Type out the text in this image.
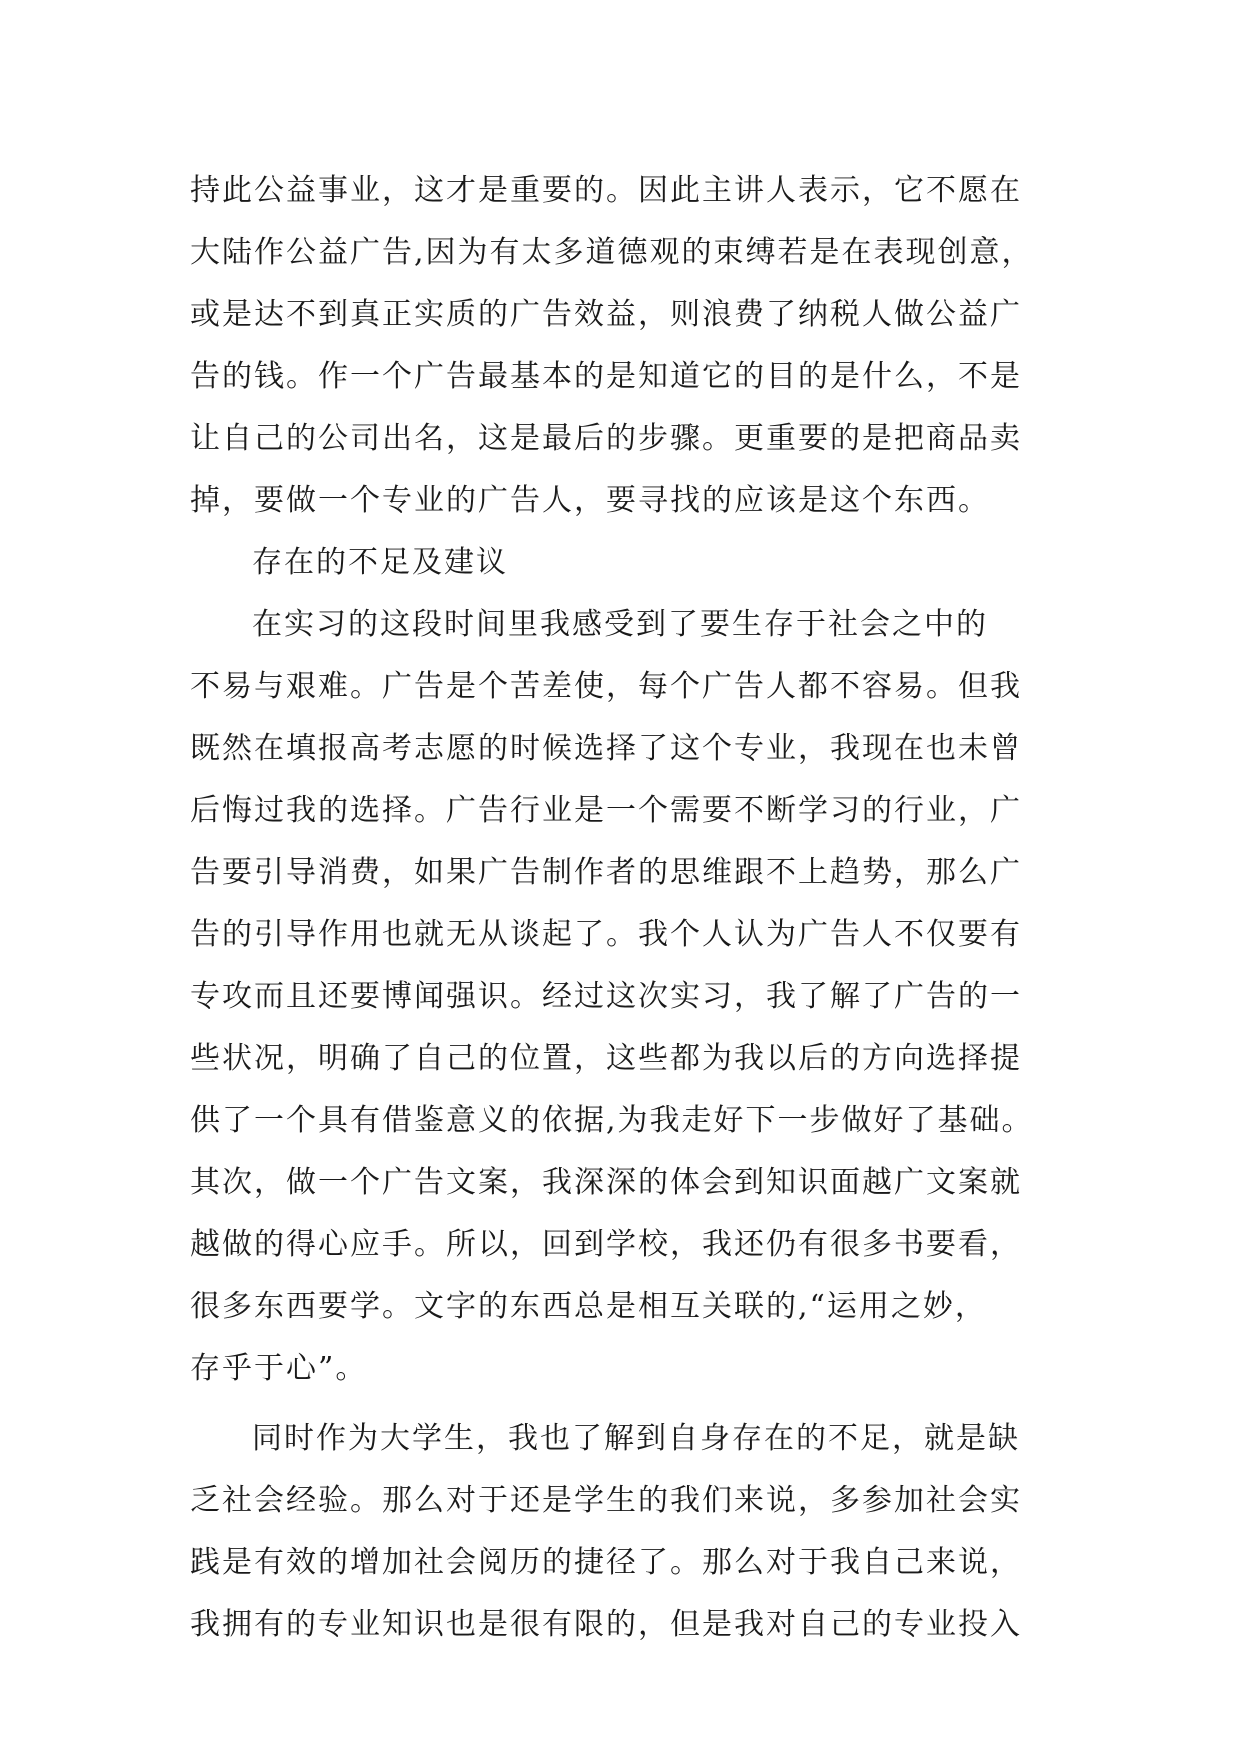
持此公益事业，这才是重要的。因此主讲人表示，它不愿在
大陆作公益广告,因为有太多道德观的束缚若是在表现创意，
或是达不到真正实质的广告效益，则浪费了纳税人做公益广
告的钱。作一个广告最基本的是知道它的目的是什么，不是
让自己的公司出名，这是最后的步骤。更重要的是把商品卖
掉，要做一个专业的广告人，要寻找的应该是这个东西。
存在的不足及建议
在实习的这段时间里我感受到了要生存于社会之中的
不易与艰难。广告是个苦差使，每个广告人都不容易。但我
既然在填报高考志愿的时候选择了这个专业，我现在也未曾
后悔过我的选择。广告行业是一个需要不断学习的行业，广
告要引导消费，如果广告制作者的思维跟不上趋势，那么广
告的引导作用也就无从谈起了。我个人认为广告人不仅要有
专攻而且还要博闻强识。经过这次实习，我了解了广告的一
些状况，明确了自己的位置，这些都为我以后的方向选择提
供了一个具有借鉴意义的依据,为我走好下一步做好了基础。
其次，做一个广告文案，我深深的体会到知识面越广文案就
越做的得心应手。所以，回到学校，我还仍有很多书要看，
很多东西要学。文字的东西总是相互关联的,“运用之妙，
存乎于心”。
同时作为大学生，我也了解到自身存在的不足，就是缺
乏社会经验。那么对于还是学生的我们来说，多参加社会实
践是有效的增加社会阅历的捷径了。那么对于我自己来说，
我拥有的专业知识也是很有限的，但是我对自己的专业投入
